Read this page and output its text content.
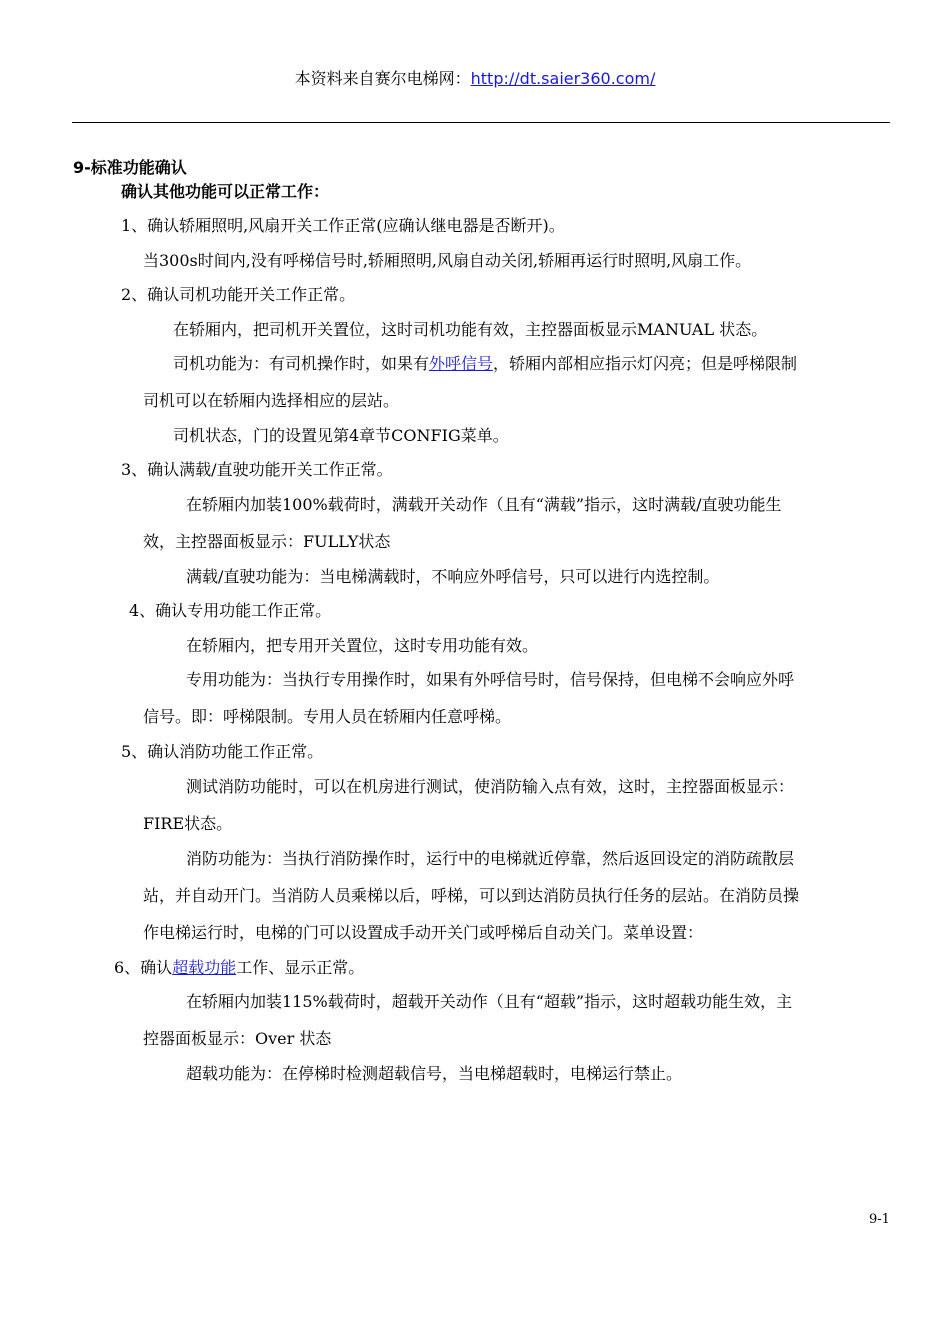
本资料来自赛尔电梯网：http://dt.saier360.com/
9-标准功能确认
确认其他功能可以正常工作：
1、确认轿厢照明,风扇开关工作正常(应确认继电器是否断开)。
当300s时间内,没有呼梯信号时,轿厢照明,风扇自动关闭,轿厢再运行时照明,风扇工作。
2、确认司机功能开关工作正常。
在轿厢内，把司机开关置位，这时司机功能有效，主控器面板显示MANUAL 状态。
司机功能为：有司机操作时，如果有外呼信号，轿厢内部相应指示灯闪亮；但是呼梯限制
司机可以在轿厢内选择相应的层站。
司机状态，门的设置见第4章节CONFIG菜单。
3、确认满载/直驶功能开关工作正常。
在轿厢内加装100%载荷时，满载开关动作（且有“满载”指示，这时满载/直驶功能生
效，主控器面板显示：FULLY状态
满载/直驶功能为：当电梯满载时，不响应外呼信号，只可以进行内选控制。
4、确认专用功能工作正常。
在轿厢内，把专用开关置位，这时专用功能有效。
专用功能为：当执行专用操作时，如果有外呼信号时，信号保持，但电梯不会响应外呼
信号。即：呼梯限制。专用人员在轿厢内任意呼梯。
5、确认消防功能工作正常。
测试消防功能时，可以在机房进行测试，使消防输入点有效，这时，主控器面板显示：
FIRE状态。
消防功能为：当执行消防操作时，运行中的电梯就近停靠，然后返回设定的消防疏散层
站，并自动开门。当消防人员乘梯以后，呼梯，可以到达消防员执行任务的层站。在消防员操
作电梯运行时，电梯的门可以设置成手动开关门或呼梯后自动关门。菜单设置：
6、确认超载功能工作、显示正常。
在轿厢内加装115%载荷时，超载开关动作（且有“超载”指示，这时超载功能生效，主
控器面板显示：Over 状态
超载功能为：在停梯时检测超载信号，当电梯超载时，电梯运行禁止。
9-1
